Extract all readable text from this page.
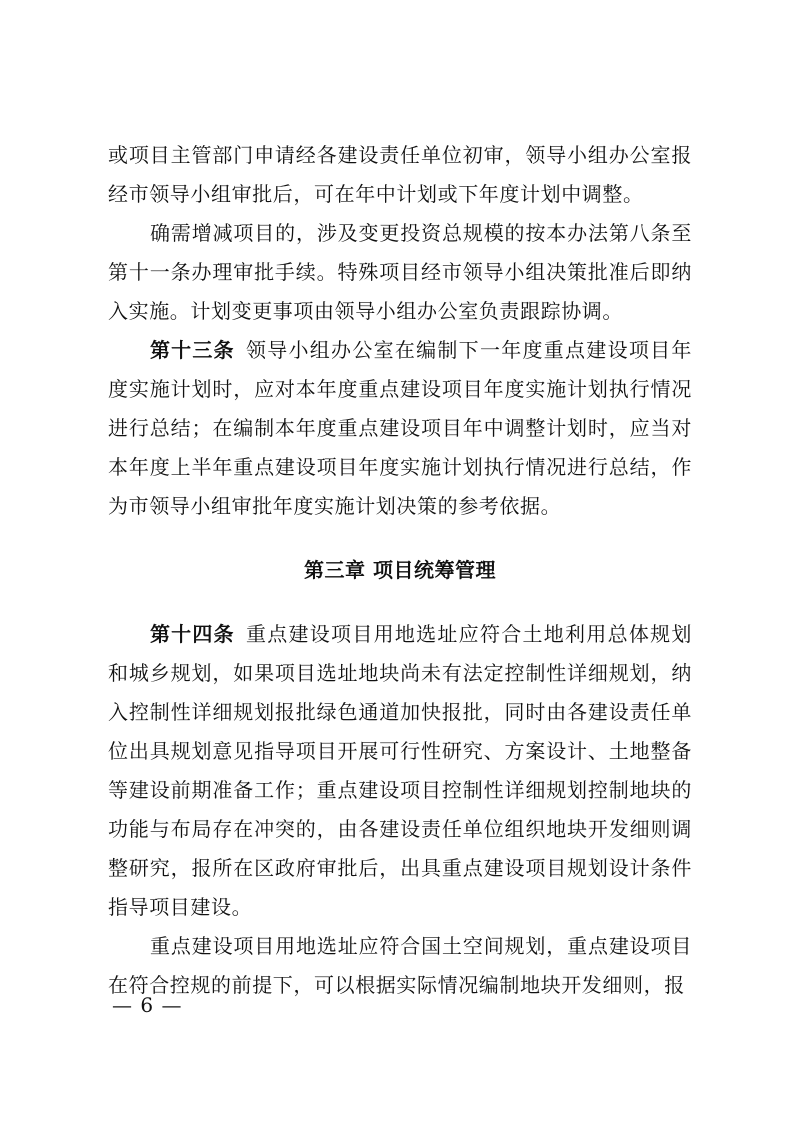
或项目主管部门申请经各建设责任单位初审，领导小组办公室报经市领导小组审批后，可在年中计划或下年度计划中调整。

确需增减项目的，涉及变更投资总规模的按本办法第八条至第十一条办理审批手续。特殊项目经市领导小组决策批准后即纳入实施。计划变更事项由领导小组办公室负责跟踪协调。

第十三条  领导小组办公室在编制下一年度重点建设项目年度实施计划时，应对本年度重点建设项目年度实施计划执行情况进行总结；在编制本年度重点建设项目年中调整计划时，应当对本年度上半年重点建设项目年度实施计划执行情况进行总结，作为市领导小组审批年度实施计划决策的参考依据。

第三章 项目统筹管理

第十四条  重点建设项目用地选址应符合土地利用总体规划和城乡规划，如果项目选址地块尚未有法定控制性详细规划，纳入控制性详细规划报批绿色通道加快报批，同时由各建设责任单位出具规划意见指导项目开展可行性研究、方案设计、土地整备等建设前期准备工作；重点建设项目控制性详细规划控制地块的功能与布局存在冲突的，由各建设责任单位组织地块开发细则调整研究，报所在区政府审批后，出具重点建设项目规划设计条件指导项目建设。

重点建设项目用地选址应符合国土空间规划，重点建设项目在符合控规的前提下，可以根据实际情况编制地块开发细则，报

— 6 —
